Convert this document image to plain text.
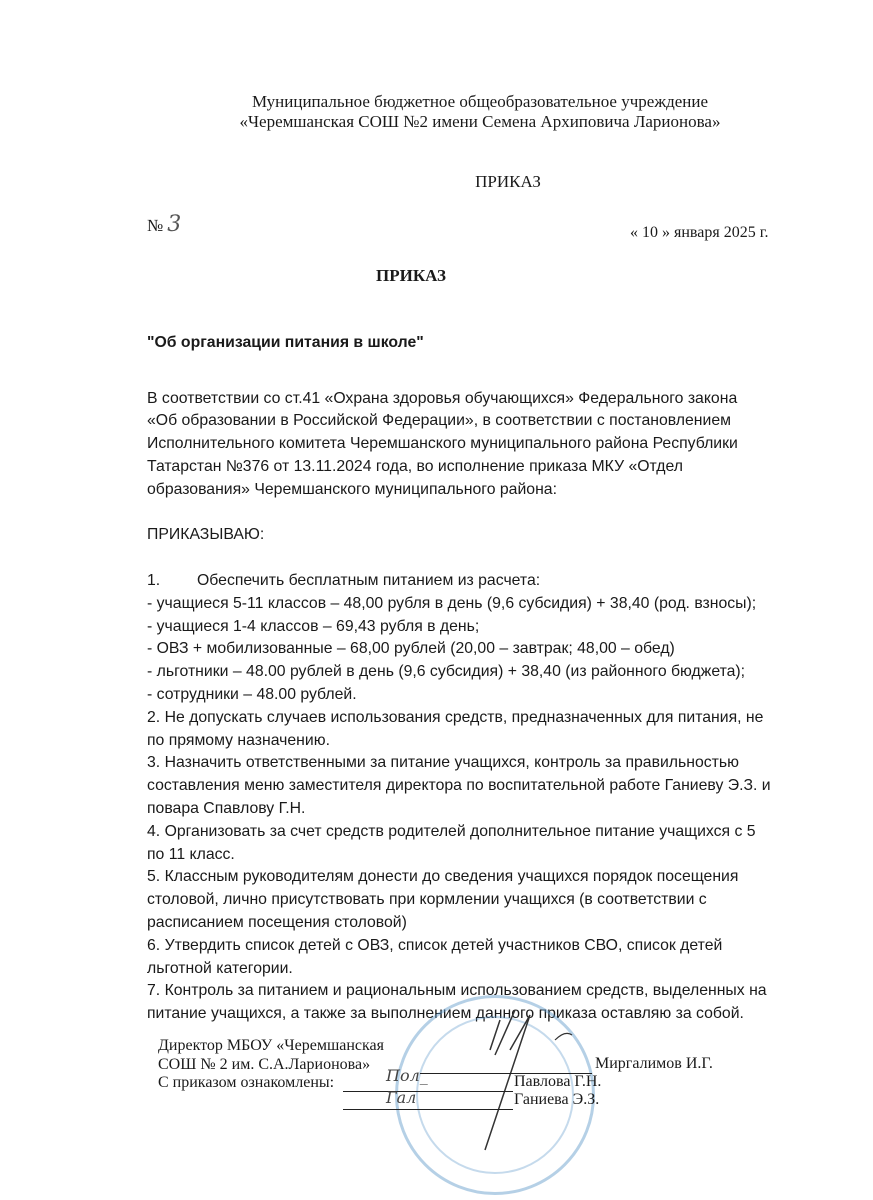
Муниципальное бюджетное общеобразовательное учреждение
«Черемшанская СОШ №2 имени Семена Архиповича Ларионова»
ПРИКАЗ
№ 3	« 10 » января 2025 г.
ПРИКАЗ

"Об организации питания в школе"

В соответствии со ст.41 «Охрана здоровья обучающихся» Федерального закона

«Об образовании в Российской Федерации», в соответствии с постановлением

Исполнительного комитета Черемшанского муниципального района Республики

Татарстан №376 от 13.11.2024 года, во исполнение приказа МКУ «Отдел

образования» Черемшанского муниципального района:

ПРИКАЗЫВАЮ:

1.	Обеспечить бесплатным питанием из расчета:

- учащиеся 5-11 классов – 48,00 рубля в день (9,6 субсидия) + 38,40 (род. взносы);

- учащиеся 1-4 классов – 69,43 рубля в день;

- ОВЗ + мобилизованные – 68,00 рублей (20,00 – завтрак; 48,00 – обед)

- льготники – 48.00 рублей в день (9,6 субсидия) + 38,40 (из районного бюджета);

- сотрудники – 48.00 рублей.

2. Не допускать случаев использования средств, предназначенных для питания, не

по прямому назначению.

3. Назначить ответственными за питание учащихся, контроль за правильностью

составления меню заместителя директора по воспитательной работе Ганиеву Э.З. и

повара Спавлову Г.Н.

4. Организовать за счет средств родителей дополнительное питание учащихся с 5

по 11 класс.

5. Классным руководителям донести до сведения учащихся порядок посещения

столовой, лично присутствовать при кормлении учащихся (в соответствии с

расписанием посещения столовой)

6. Утвердить список детей с ОВЗ, список детей участников СВО, список детей

льготной категории.

7. Контроль за питанием и рациональным использованием средств, выделенных на

питание учащихся, а также за выполнением данного приказа оставляю за собой.

Директор МБОУ «Черемшанская
СОШ № 2 им. С.А.Ларионова»
С приказом ознакомлены:
Миргалимов И.Г.
Павлова Г.Н.
Ганиева Э.З.
Пол_
Гал
